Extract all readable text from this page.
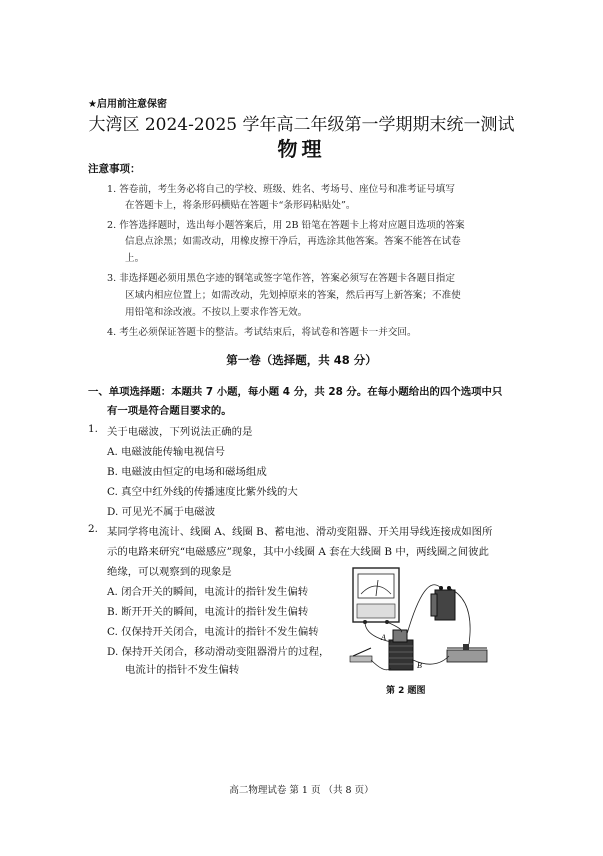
★启用前注意保密
大湾区 2024-2025 学年高二年级第一学期期末统一测试
物理
注意事项：
1. 答卷前，考生务必将自己的学校、班级、姓名、考场号、座位号和准考证号填写
在答题卡上，将条形码横贴在答题卡“条形码粘贴处”。
2. 作答选择题时，选出每小题答案后，用 2B 铅笔在答题卡上将对应题目选项的答案
信息点涂黑；如需改动，用橡皮擦干净后，再选涂其他答案。答案不能答在试卷
上。
3. 非选择题必须用黑色字迹的钢笔或签字笔作答，答案必须写在答题卡各题目指定
区域内相应位置上；如需改动，先划掉原来的答案，然后再写上新答案；不准使
用铅笔和涂改液。不按以上要求作答无效。
4. 考生必须保证答题卡的整洁。考试结束后，将试卷和答题卡一并交回。
第一卷（选择题，共 48 分）
一、单项选择题：本题共 7 小题，每小题 4 分，共 28 分。在每小题给出的四个选项中只
有一项是符合题目要求的。
1. 关于电磁波，下列说法正确的是
A. 电磁波能传输电视信号
B. 电磁波由恒定的电场和磁场组成
C. 真空中红外线的传播速度比紫外线的大
D. 可见光不属于电磁波
2. 某同学将电流计、线圈 A、线圈 B、蓄电池、滑动变阻器、开关用导线连接成如图所
示的电路来研究“电磁感应”现象，其中小线圈 A 套在大线圈 B 中，两线圈之间彼此
绝缘，可以观察到的现象是
A. 闭合开关的瞬间，电流计的指针发生偏转
B. 断开开关的瞬间，电流计的指针发生偏转
C. 仅保持开关闭合，电流计的指针不发生偏转
D. 保持开关闭合，移动滑动变阻器滑片的过程，
电流计的指针不发生偏转
A
B
第 2 题图
高二物理试卷 第 1 页 （共 8 页）
